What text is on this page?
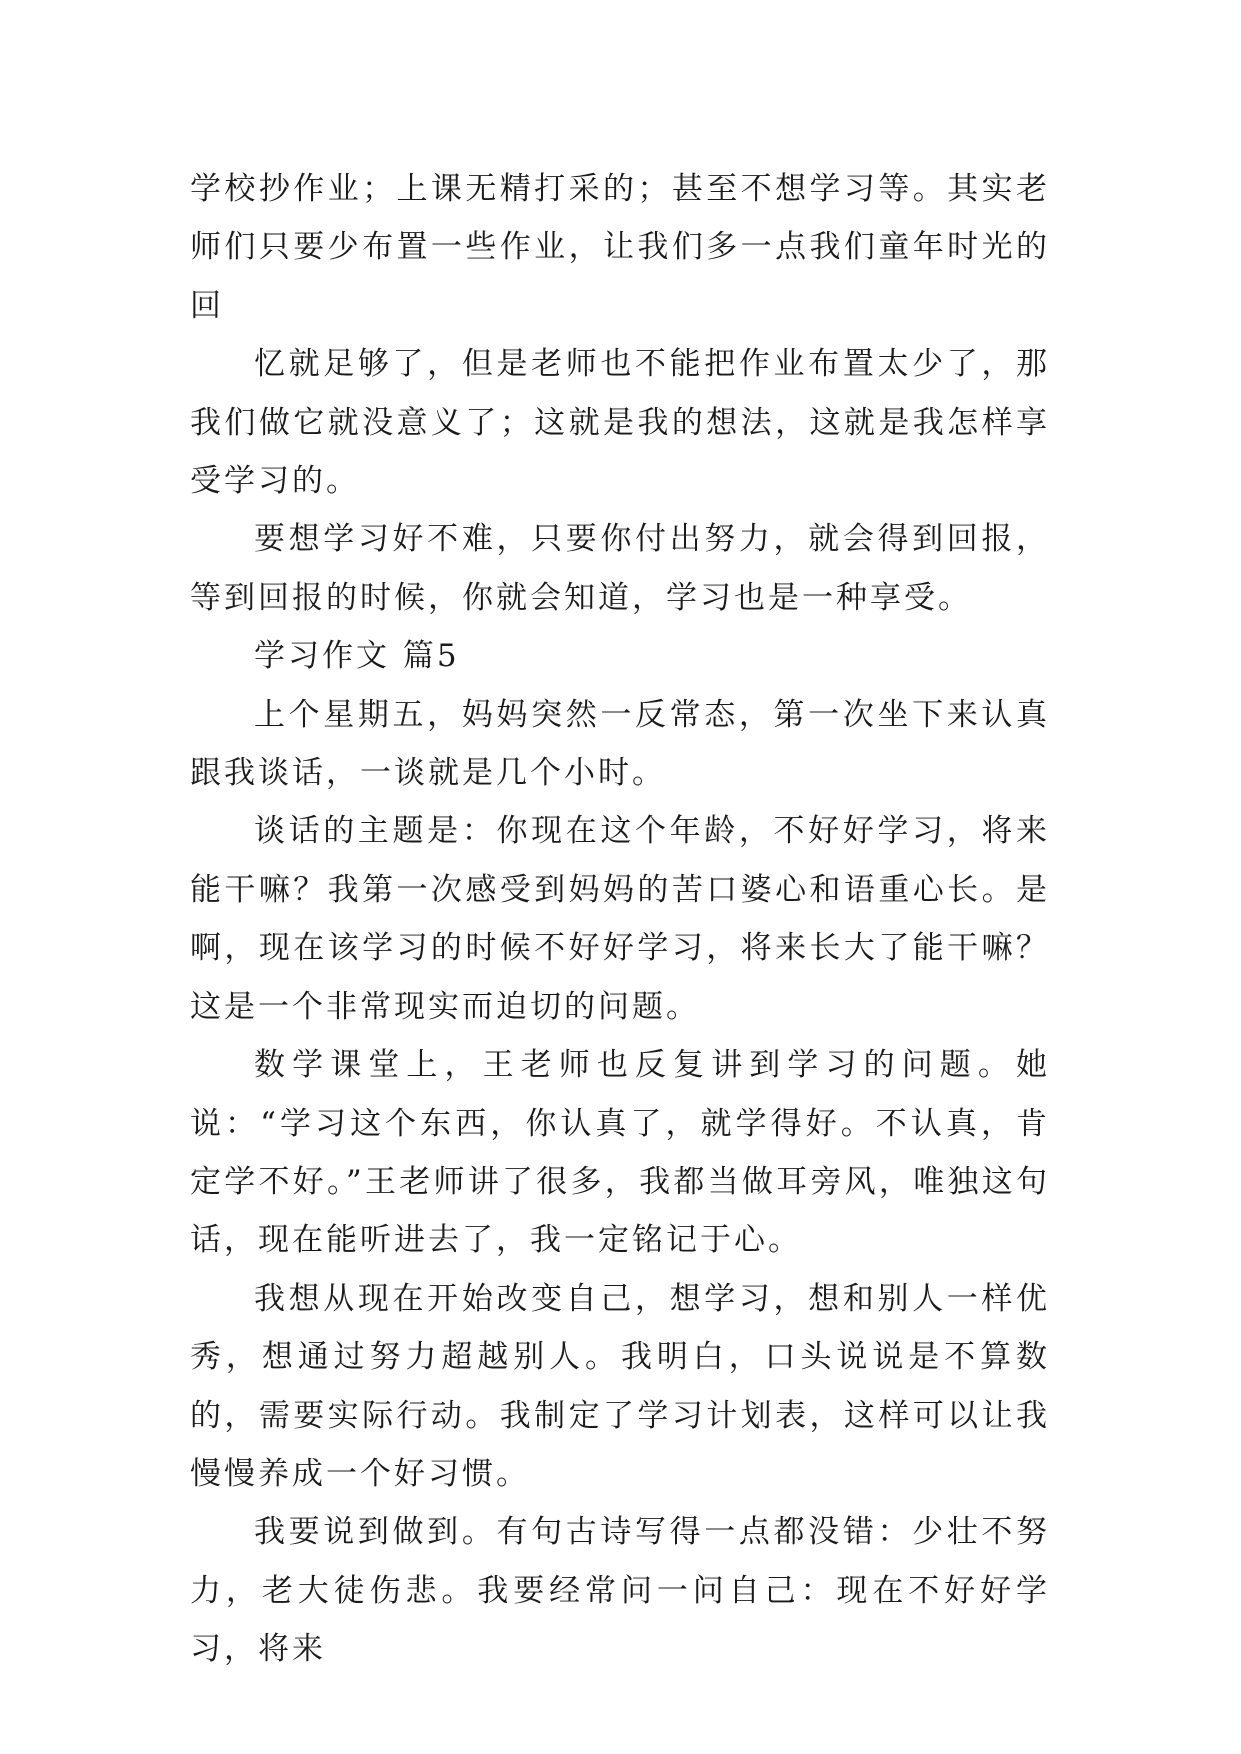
学校抄作业；上课无精打采的；甚至不想学习等。其实老师们只要少布置一些作业，让我们多一点我们童年时光的回

忆就足够了，但是老师也不能把作业布置太少了，那我们做它就没意义了；这就是我的想法，这就是我怎样享受学习的。

要想学习好不难，只要你付出努力，就会得到回报，等到回报的时候，你就会知道，学习也是一种享受。

学习作文 篇5

上个星期五，妈妈突然一反常态，第一次坐下来认真跟我谈话，一谈就是几个小时。

谈话的主题是：你现在这个年龄，不好好学习，将来能干嘛？我第一次感受到妈妈的苦口婆心和语重心长。是啊，现在该学习的时候不好好学习，将来长大了能干嘛？这是一个非常现实而迫切的问题。

数学课堂上，王老师也反复讲到学习的问题。她说：“学习这个东西，你认真了，就学得好。不认真，肯定学不好。”王老师讲了很多，我都当做耳旁风，唯独这句话，现在能听进去了，我一定铭记于心。

我想从现在开始改变自己，想学习，想和别人一样优秀，想通过努力超越别人。我明白，口头说说是不算数的，需要实际行动。我制定了学习计划表，这样可以让我慢慢养成一个好习惯。

我要说到做到。有句古诗写得一点都没错：少壮不努力，老大徒伤悲。我要经常问一问自己：现在不好好学习，将来
